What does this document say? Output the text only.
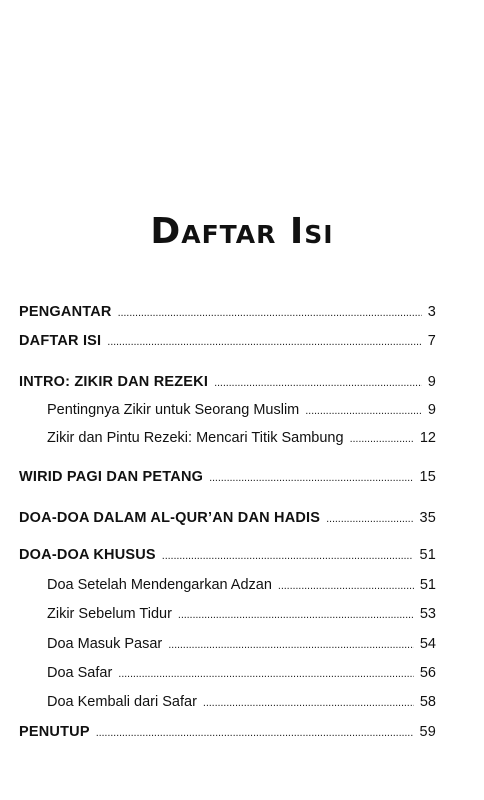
Daftar Isi
PENGANTAR . . .	3
DAFTAR ISI . . .	7
INTRO: ZIKIR DAN REZEKI . . .	9
Pentingnya Zikir untuk Seorang Muslim . . .	9
Zikir dan Pintu Rezeki: Mencari Titik Sambung . . .	12
WIRID PAGI DAN PETANG . . .	15
DOA-DOA DALAM AL-QUR’AN DAN HADIS . . .	35
DOA-DOA KHUSUS . . .	51
Doa Setelah Mendengarkan Adzan . . .	51
Zikir Sebelum Tidur . . .	53
Doa Masuk Pasar . . .	54
Doa Safar . . .	56
Doa Kembali dari Safar . . .	58
PENUTUP . . .	59
